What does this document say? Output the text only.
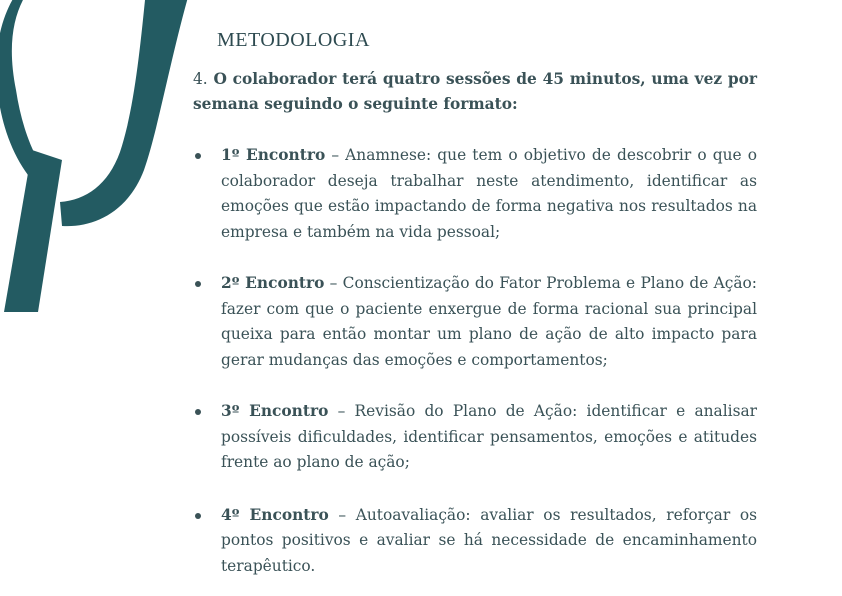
METODOLOGIA

4. O colaborador terá quatro sessões de 45 minutos, uma vez por semana seguindo o seguinte formato:

1º Encontro – Anamnese: que tem o objetivo de descobrir o que o colaborador deseja trabalhar neste atendimento, identificar as emoções que estão impactando de forma negativa nos resultados na empresa e também na vida pessoal;
2º Encontro – Conscientização do Fator Problema e Plano de Ação: fazer com que o paciente enxergue de forma racional sua principal queixa para então montar um plano de ação de alto impacto para gerar mudanças das emoções e comportamentos;
3º Encontro – Revisão do Plano de Ação: identificar e analisar possíveis dificuldades, identificar pensamentos, emoções e atitudes frente ao plano de ação;
4º Encontro – Autoavaliação: avaliar os resultados, reforçar os pontos positivos e avaliar se há necessidade de encaminhamento terapêutico.
